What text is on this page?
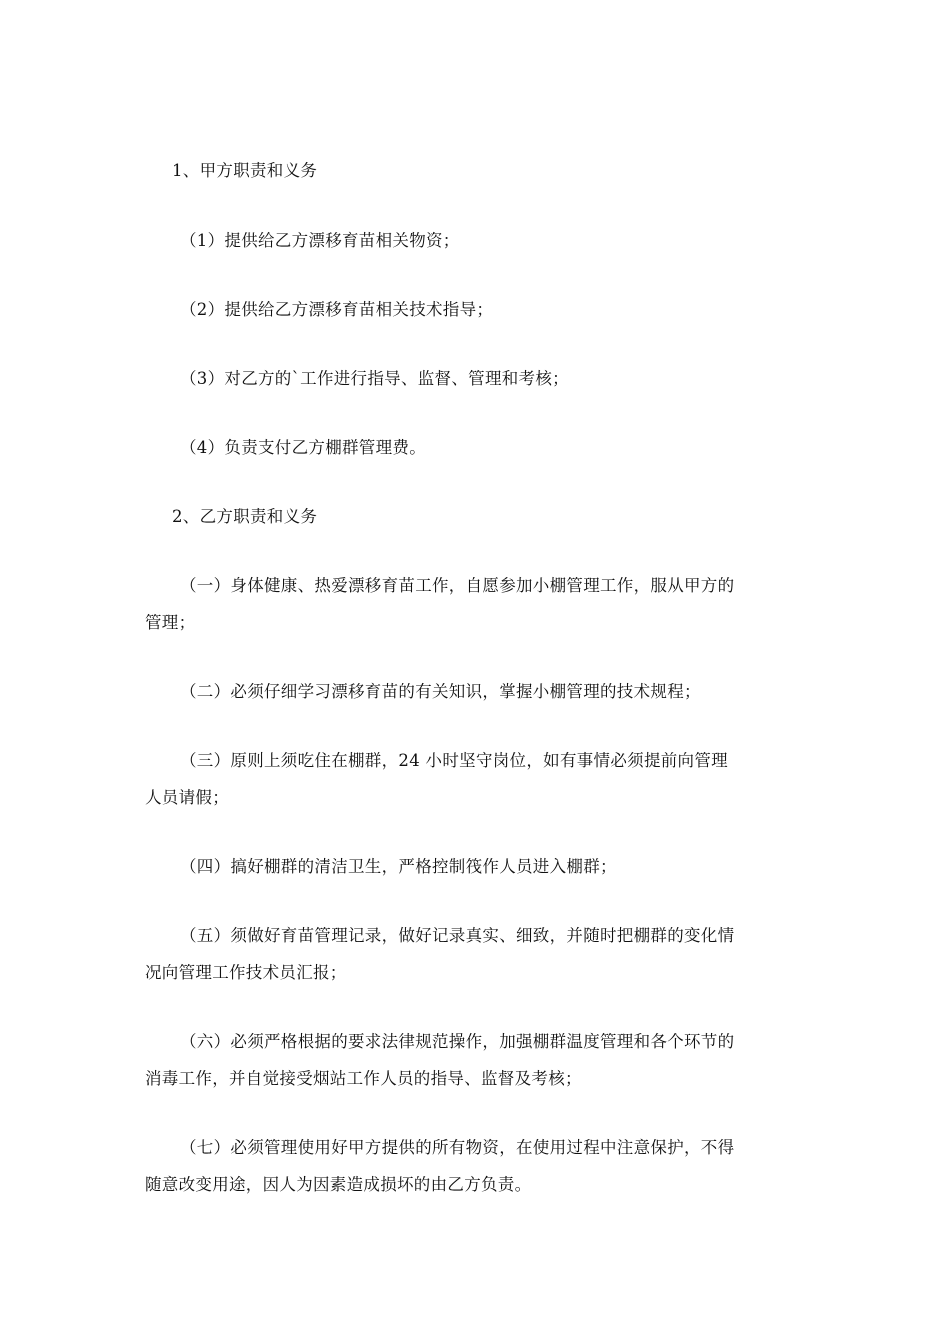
1、甲方职责和义务
（1）提供给乙方漂移育苗相关物资；
（2）提供给乙方漂移育苗相关技术指导；
（3）对乙方的`工作进行指导、监督、管理和考核；
（4）负责支付乙方棚群管理费。
2、乙方职责和义务
（一）身体健康、热爱漂移育苗工作，自愿参加小棚管理工作，服从甲方的
管理；
（二）必须仔细学习漂移育苗的有关知识，掌握小棚管理的技术规程；
（三）原则上须吃住在棚群，24 小时坚守岗位，如有事情必须提前向管理
人员请假；
（四）搞好棚群的清洁卫生，严格控制筏作人员进入棚群；
（五）须做好育苗管理记录，做好记录真实、细致，并随时把棚群的变化情
况向管理工作技术员汇报；
（六）必须严格根据的要求法律规范操作，加强棚群温度管理和各个环节的
消毒工作，并自觉接受烟站工作人员的指导、监督及考核；
（七）必须管理使用好甲方提供的所有物资，在使用过程中注意保护，不得
随意改变用途，因人为因素造成损坏的由乙方负责。
